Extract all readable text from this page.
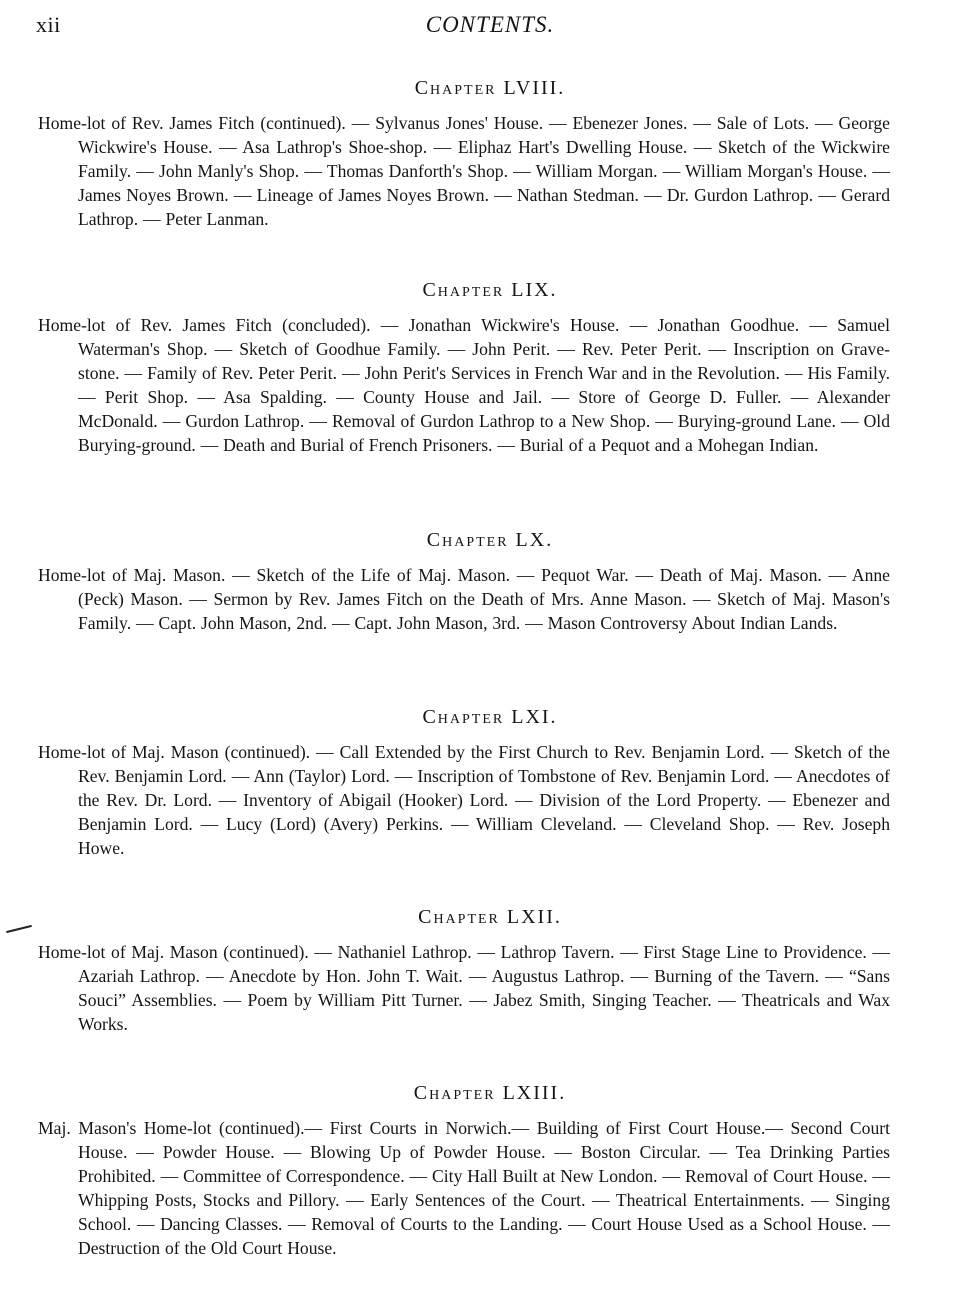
xii	CONTENTS.
Chapter LVIII.

Home-lot of Rev. James Fitch (continued). — Sylvanus Jones' House. — Ebenezer Jones. — Sale of Lots. — George Wickwire's House. — Asa Lathrop's Shoe-shop. — Eliphaz Hart's Dwelling House. — Sketch of the Wickwire Family. — John Manly's Shop. — Thomas Danforth's Shop. — William Morgan. — William Morgan's House. — James Noyes Brown. — Lineage of James Noyes Brown. — Nathan Stedman. — Dr. Gurdon Lathrop. — Gerard Lathrop. — Peter Lanman.

Chapter LIX.

Home-lot of Rev. James Fitch (concluded). — Jonathan Wickwire's House. — Jonathan Goodhue. — Samuel Waterman's Shop. — Sketch of Goodhue Family. — John Perit. — Rev. Peter Perit. — Inscription on Grave-stone. — Family of Rev. Peter Perit. — John Perit's Services in French War and in the Revolution. — His Family. — Perit Shop. — Asa Spalding. — County House and Jail. — Store of George D. Fuller. — Alexander McDonald. — Gurdon Lathrop. — Removal of Gurdon Lathrop to a New Shop. — Burying-ground Lane. — Old Burying-ground. — Death and Burial of French Prisoners. — Burial of a Pequot and a Mohegan Indian.

Chapter LX.

Home-lot of Maj. Mason. — Sketch of the Life of Maj. Mason. — Pequot War. — Death of Maj. Mason. — Anne (Peck) Mason. — Sermon by Rev. James Fitch on the Death of Mrs. Anne Mason. — Sketch of Maj. Mason's Family. — Capt. John Mason, 2nd. — Capt. John Mason, 3rd. — Mason Controversy About Indian Lands.

Chapter LXI.

Home-lot of Maj. Mason (continued). — Call Extended by the First Church to Rev. Benjamin Lord. — Sketch of the Rev. Benjamin Lord. — Ann (Taylor) Lord. — Inscription of Tombstone of Rev. Benjamin Lord. — Anecdotes of the Rev. Dr. Lord. — Inventory of Abigail (Hooker) Lord. — Division of the Lord Property. — Ebenezer and Benjamin Lord. — Lucy (Lord) (Avery) Perkins. — William Cleveland. — Cleveland Shop. — Rev. Joseph Howe.

Chapter LXII.

Home-lot of Maj. Mason (continued). — Nathaniel Lathrop. — Lathrop Tavern. — First Stage Line to Providence. — Azariah Lathrop. — Anecdote by Hon. John T. Wait. — Augustus Lathrop. — Burning of the Tavern. — “Sans Souci” Assemblies. — Poem by William Pitt Turner. — Jabez Smith, Singing Teacher. — Theatricals and Wax Works.

Chapter LXIII.

Maj. Mason's Home-lot (continued).— First Courts in Norwich.— Building of First Court House.— Second Court House. — Powder House. — Blowing Up of Powder House. — Boston Circular. — Tea Drinking Parties Prohibited. — Committee of Correspondence. — City Hall Built at New London. — Removal of Court House. — Whipping Posts, Stocks and Pillory. — Early Sentences of the Court. — Theatrical Entertainments. — Singing School. — Dancing Classes. — Removal of Courts to the Landing. — Court House Used as a School House. — Destruction of the Old Court House.
